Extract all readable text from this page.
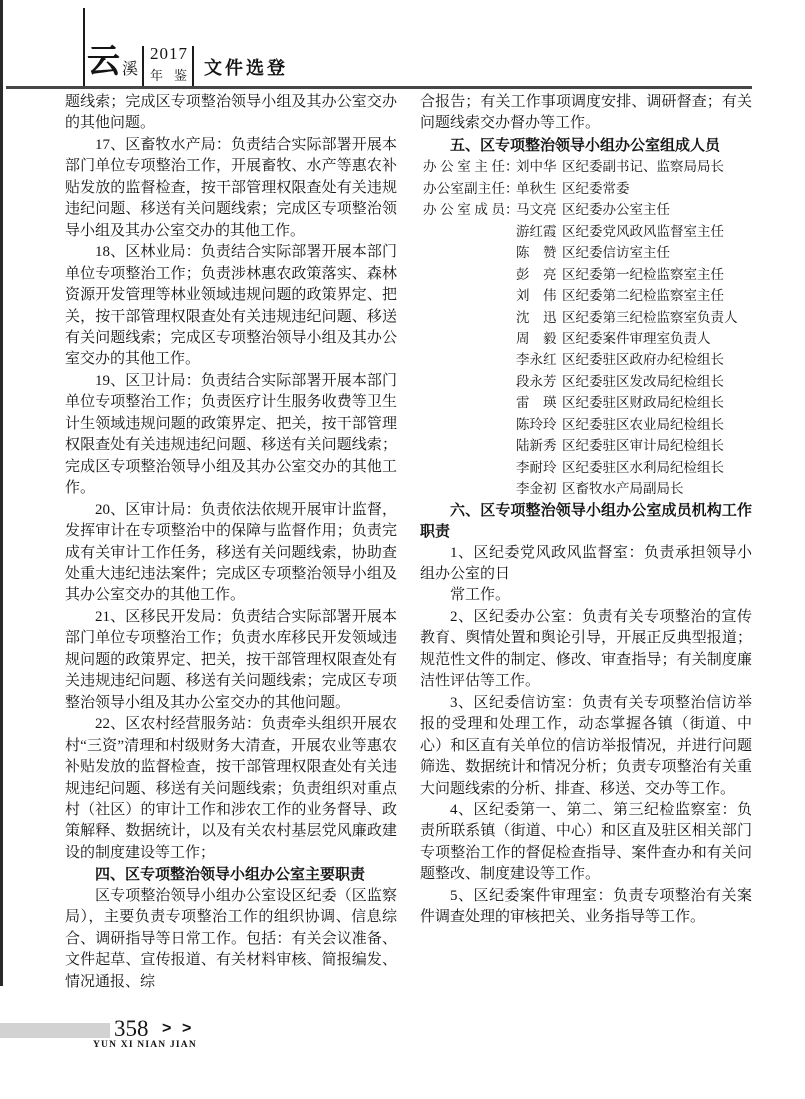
云 溪
2017
年 鉴 文件选登

题线索；完成区专项整治领导小组及其办公室交办的其他问题。

17、区畜牧水产局：负责结合实际部署开展本部门单位专项整治工作，开展畜牧、水产等惠农补贴发放的监督检查，按干部管理权限查处有关违规违纪问题、移送有关问题线索；完成区专项整治领导小组及其办公室交办的其他工作。

18、区林业局：负责结合实际部署开展本部门单位专项整治工作；负责涉林惠农政策落实、森林资源开发管理等林业领域违规问题的政策界定、把关，按干部管理权限查处有关违规违纪问题、移送有关问题线索；完成区专项整治领导小组及其办公室交办的其他工作。

19、区卫计局：负责结合实际部署开展本部门单位专项整治工作；负责医疗计生服务收费等卫生计生领域违规问题的政策界定、把关，按干部管理权限查处有关违规违纪问题、移送有关问题线索；完成区专项整治领导小组及其办公室交办的其他工作。

20、区审计局：负责依法依规开展审计监督，发挥审计在专项整治中的保障与监督作用；负责完成有关审计工作任务，移送有关问题线索，协助查处重大违纪违法案件；完成区专项整治领导小组及其办公室交办的其他工作。

21、区移民开发局：负责结合实际部署开展本部门单位专项整治工作；负责水库移民开发领域违规问题的政策界定、把关，按干部管理权限查处有关违规违纪问题、移送有关问题线索；完成区专项整治领导小组及其办公室交办的其他问题。

22、区农村经营服务站：负责牵头组织开展农村“三资”清理和村级财务大清查，开展农业等惠农补贴发放的监督检查，按干部管理权限查处有关违规违纪问题、移送有关问题线索；负责组织对重点村（社区）的审计工作和涉农工作的业务督导、政策解释、数据统计，以及有关农村基层党风廉政建设的制度建设等工作；

四、区专项整治领导小组办公室主要职责

区专项整治领导小组办公室设区纪委（区监察局），主要负责专项整治工作的组织协调、信息综合、调研指导等日常工作。包括：有关会议准备、文件起草、宣传报道、有关材料审核、简报编发、情况通报、综

合报告；有关工作事项调度安排、调研督查；有关问题线索交办督办等工作。

五、区专项整治领导小组办公室组成人员

办公室主任 ：
刘中华 区纪委副书记、监察局局长
办公室副主任 ：
单秋生 区纪委常委
办公室成员 ：
马文亮 区纪委办公室主任
游红霞 区纪委党风政风监督室主任
陈　赞 区纪委信访室主任
彭　亮 区纪委第一纪检监察室主任
刘　伟 区纪委第二纪检监察室主任
沈　迅 区纪委第三纪检监察室负责人
周　毅 区纪委案件审理室负责人
李永红 区纪委驻区政府办纪检组长
段永芳 区纪委驻区发改局纪检组长
雷　瑛 区纪委驻区财政局纪检组长
陈玲玲 区纪委驻区农业局纪检组长
陆新秀 区纪委驻区审计局纪检组长
李耐玲 区纪委驻区水利局纪检组长
李金初 区畜牧水产局副局长

六、区专项整治领导小组办公室成员机构工作职责

1、区纪委党风政风监督室：负责承担领导小组办公室的日

常工作。

2、区纪委办公室：负责有关专项整治的宣传教育、舆情处置和舆论引导，开展正反典型报道；规范性文件的制定、修改、审查指导；有关制度廉洁性评估等工作。

3、区纪委信访室：负责有关专项整治信访举报的受理和处理工作，动态掌握各镇（街道、中心）和区直有关单位的信访举报情况，并进行问题筛选、数据统计和情况分析；负责专项整治有关重大问题线索的分析、排查、移送、交办等工作。

4、区纪委第一、第二、第三纪检监察室：负责所联系镇（街道、中心）和区直及驻区相关部门专项整治工作的督促检查指导、案件查办和有关问题整改、制度建设等工作。

5、区纪委案件审理室：负责专项整治有关案件调查处理的审核把关、业务指导等工作。

358 > >
YUN XI NIAN JIAN
